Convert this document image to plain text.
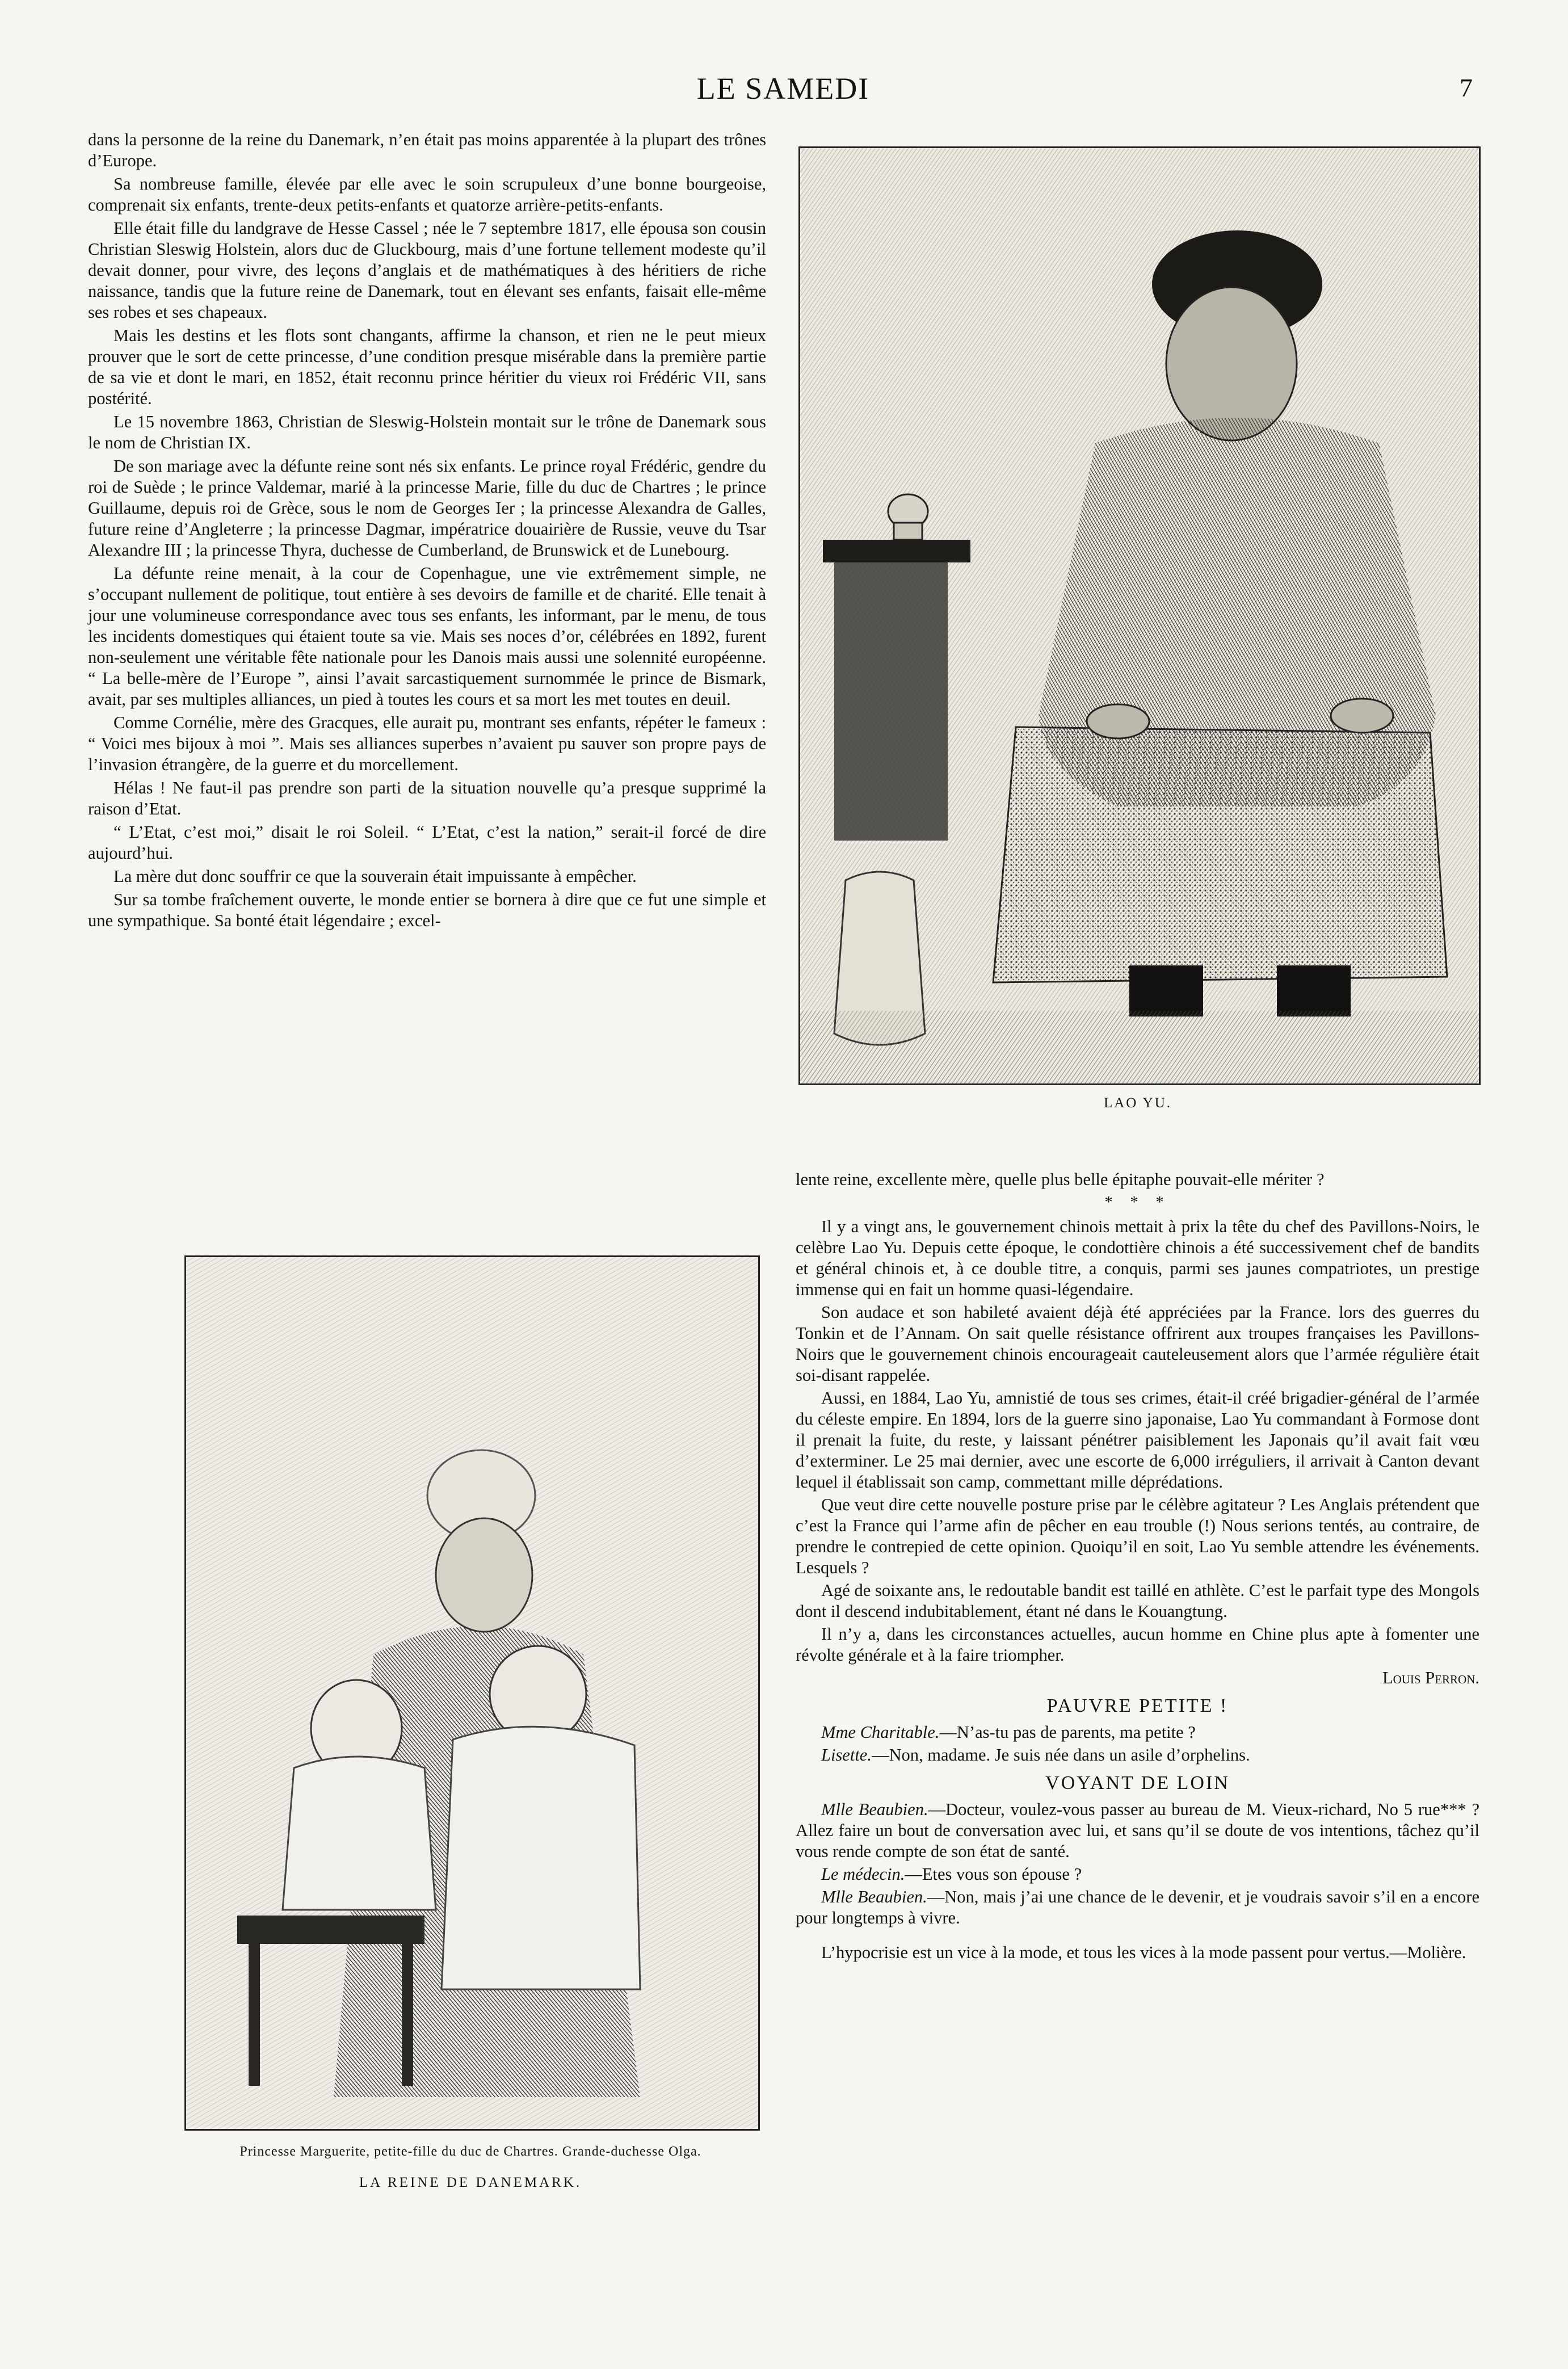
LE SAMEDI	7

dans la personne de la reine du Danemark, n’en était pas moins apparentée à la plupart des trônes d’Europe.

Sa nombreuse famille, élevée par elle avec le soin scrupuleux d’une bonne bourgeoise, comprenait six enfants, trente-deux petits-enfants et quatorze arrière-petits-enfants.

Elle était fille du landgrave de Hesse Cassel ; née le 7 septembre 1817, elle épousa son cousin Christian Sleswig Holstein, alors duc de Gluckbourg, mais d’une fortune tellement modeste qu’il devait donner, pour vivre, des leçons d’anglais et de mathématiques à des héritiers de riche naissance, tandis que la future reine de Danemark, tout en élevant ses enfants, faisait elle-même ses robes et ses chapeaux.

Mais les destins et les flots sont changants, affirme la chanson, et rien ne le peut mieux prouver que le sort de cette princesse, d’une condition presque misérable dans la première partie de sa vie et dont le mari, en 1852, était reconnu prince héritier du vieux roi Frédéric VII, sans postérité.

Le 15 novembre 1863, Christian de Sleswig-Holstein montait sur le trône de Danemark sous le nom de Christian IX.

De son mariage avec la défunte reine sont nés six enfants. Le prince royal Frédéric, gendre du roi de Suède ; le prince Valdemar, marié à la princesse Marie, fille du duc de Chartres ; le prince Guillaume, depuis roi de Grèce, sous le nom de Georges Ier ; la princesse Alexandra de Galles, future reine d’Angleterre ; la princesse Dagmar, impératrice douairière de Russie, veuve du Tsar Alexandre III ; la princesse Thyra, duchesse de Cumberland, de Brunswick et de Lunebourg.

La défunte reine menait, à la cour de Copenhague, une vie extrêmement simple, ne s’occupant nullement de politique, tout entière à ses devoirs de famille et de charité. Elle tenait à jour une volumineuse correspondance avec tous ses enfants, les informant, par le menu, de tous les incidents domestiques qui étaient toute sa vie. Mais ses noces d’or, célébrées en 1892, furent non-seulement une véritable fête nationale pour les Danois mais aussi une solennité européenne. “ La belle-mère de l’Europe ”, ainsi l’avait sarcastiquement surnommée le prince de Bismark, avait, par ses multiples alliances, un pied à toutes les cours et sa mort les met toutes en deuil.

Comme Cornélie, mère des Gracques, elle aurait pu, montrant ses enfants, répéter le fameux : “ Voici mes bijoux à moi ”. Mais ses alliances superbes n’avaient pu sauver son propre pays de l’invasion étrangère, de la guerre et du morcellement.

Hélas ! Ne faut-il pas prendre son parti de la situation nouvelle qu’a presque supprimé la raison d’Etat.

“ L’Etat, c’est moi,” disait le roi Soleil. “ L’Etat, c’est la nation,” serait-il forcé de dire aujourd’hui.

La mère dut donc souffrir ce que la souverain était impuissante à empêcher.

Sur sa tombe fraîchement ouverte, le monde entier se bornera à dire que ce fut une simple et une sympathique. Sa bonté était légendaire ; excel-

LAO YU.

lente reine, excellente mère, quelle plus belle épitaphe pouvait-elle mériter ?

* * *

Il y a vingt ans, le gouvernement chinois mettait à prix la tête du chef des Pavillons-Noirs, le celèbre Lao Yu. Depuis cette époque, le condottière chinois a été successivement chef de bandits et général chinois et, à ce double titre, a conquis, parmi ses jaunes compatriotes, un prestige immense qui en fait un homme quasi-légendaire.

Son audace et son habileté avaient déjà été appréciées par la France. lors des guerres du Tonkin et de l’Annam. On sait quelle résistance offrirent aux troupes françaises les Pavillons-Noirs que le gouvernement chinois encourageait cauteleusement alors que l’armée régulière était soi-disant rappelée.

Aussi, en 1884, Lao Yu, amnistié de tous ses crimes, était-il créé brigadier-général de l’armée du céleste empire. En 1894, lors de la guerre sino japonaise, Lao Yu commandant à Formose dont il prenait la fuite, du reste, y laissant pénétrer paisiblement les Japonais qu’il avait fait vœu d’exterminer. Le 25 mai dernier, avec une escorte de 6,000 irréguliers, il arrivait à Canton devant lequel il établissait son camp, commettant mille déprédations.

Que veut dire cette nouvelle posture prise par le célèbre agitateur ? Les Anglais prétendent que c’est la France qui l’arme afin de pêcher en eau trouble (!) Nous serions tentés, au contraire, de prendre le contrepied de cette opinion. Quoiqu’il en soit, Lao Yu semble attendre les événements. Lesquels ?

Agé de soixante ans, le redoutable bandit est taillé en athlète. C’est le parfait type des Mongols dont il descend indubitablement, étant né dans le Kouangtung.

Il n’y a, dans les circonstances actuelles, aucun homme en Chine plus apte à fomenter une révolte générale et à la faire triompher.

Louis Perron.
PAUVRE PETITE !

Mme Charitable.—N’as-tu pas de parents, ma petite ?

Lisette.—Non, madame. Je suis née dans un asile d’orphelins.

VOYANT DE LOIN

Mlle Beaubien.—Docteur, voulez-vous passer au bureau de M. Vieux-richard, No 5 rue*** ? Allez faire un bout de conversation avec lui, et sans qu’il se doute de vos intentions, tâchez qu’il vous rende compte de son état de santé.

Le médecin.—Etes vous son épouse ?

Mlle Beaubien.—Non, mais j’ai une chance de le devenir, et je voudrais savoir s’il en a encore pour longtemps à vivre.

L’hypocrisie est un vice à la mode, et tous les vices à la mode passent pour vertus.—Molière.

Princesse Marguerite, petite-fille du duc de Chartres. Grande-duchesse Olga.
LA REINE DE DANEMARK.
